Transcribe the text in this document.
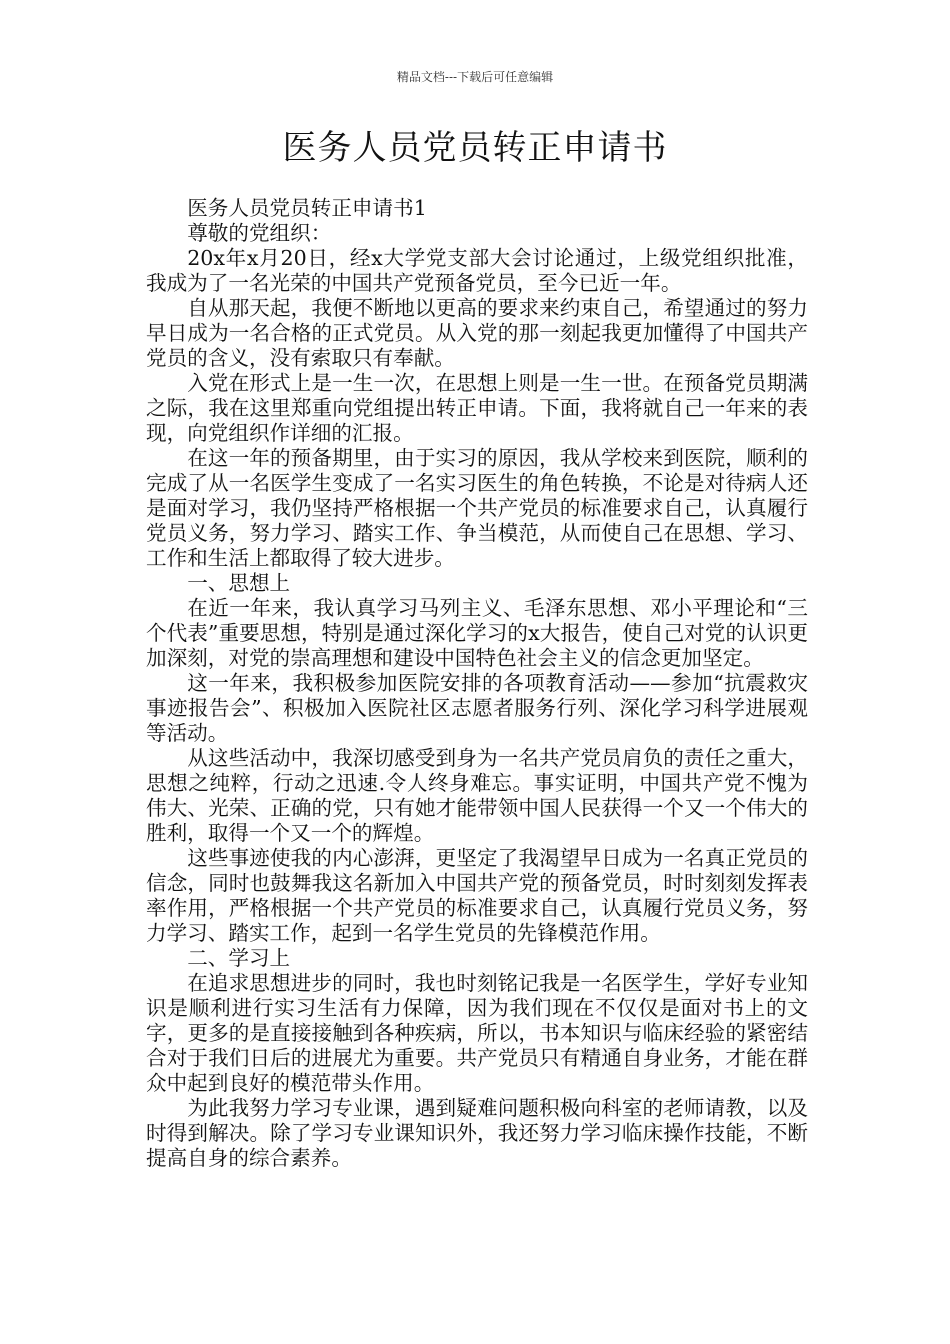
精品文档---下载后可任意编辑
医务人员党员转正申请书

医务人员党员转正申请书1

尊敬的党组织：

20x年x月20日，经x大学党支部大会讨论通过，上级党组织批准，我成为了一名光荣的中国共产党预备党员，至今已近一年。

自从那天起，我便不断地以更高的要求来约束自己，希望通过的努力早日成为一名合格的正式党员。从入党的那一刻起我更加懂得了中国共产党员的含义，没有索取只有奉献。

入党在形式上是一生一次，在思想上则是一生一世。在预备党员期满之际，我在这里郑重向党组提出转正申请。下面，我将就自己一年来的表现，向党组织作详细的汇报。

在这一年的预备期里，由于实习的原因，我从学校来到医院，顺利的完成了从一名医学生变成了一名实习医生的角色转换，不论是对待病人还是面对学习，我仍坚持严格根据一个共产党员的标准要求自己，认真履行党员义务，努力学习、踏实工作、争当模范，从而使自己在思想、学习、工作和生活上都取得了较大进步。

一、思想上

在近一年来，我认真学习马列主义、毛泽东思想、邓小平理论和“三个代表”重要思想，特别是通过深化学习的x大报告，使自己对党的认识更加深刻，对党的崇高理想和建设中国特色社会主义的信念更加坚定。

这一年来，我积极参加医院安排的各项教育活动——参加“抗震救灾事迹报告会”、积极加入医院社区志愿者服务行列、深化学习科学进展观等活动。

从这些活动中，我深切感受到身为一名共产党员肩负的责任之重大，思想之纯粹，行动之迅速.令人终身难忘。事实证明，中国共产党不愧为伟大、光荣、正确的党，只有她才能带领中国人民获得一个又一个伟大的胜利，取得一个又一个的辉煌。

这些事迹使我的内心澎湃，更坚定了我渴望早日成为一名真正党员的信念，同时也鼓舞我这名新加入中国共产党的预备党员，时时刻刻发挥表率作用，严格根据一个共产党员的标准要求自己，认真履行党员义务，努力学习、踏实工作，起到一名学生党员的先锋模范作用。

二、学习上

在追求思想进步的同时，我也时刻铭记我是一名医学生，学好专业知识是顺利进行实习生活有力保障，因为我们现在不仅仅是面对书上的文字，更多的是直接接触到各种疾病，所以，书本知识与临床经验的紧密结合对于我们日后的进展尤为重要。共产党员只有精通自身业务，才能在群众中起到良好的模范带头作用。

为此我努力学习专业课，遇到疑难问题积极向科室的老师请教，以及时得到解决。除了学习专业课知识外，我还努力学习临床操作技能，不断提高自身的综合素养。
